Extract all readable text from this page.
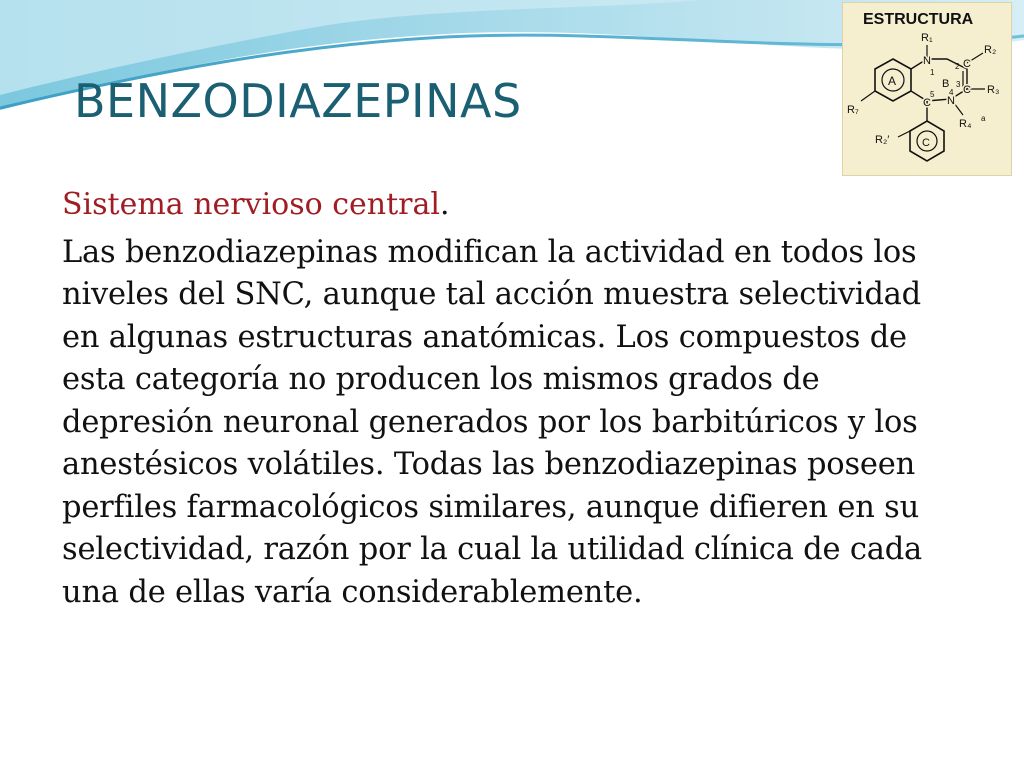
BENZODIAZEPINAS
ESTRUCTURA
A
C
N	C
C
N
C
B
1
2
3
4
5
R₁
R₂
R₃
R₄ a
R₇
R₂′

Sistema nervioso central.

Las benzodiazepinas modifican la actividad en todos los niveles del SNC, aunque tal acción muestra selectividad en algunas estructuras anatómicas. Los compuestos de esta categoría no producen los mismos grados de depresión neuronal generados por los barbitúricos y los anestésicos volátiles. Todas las benzodiazepinas poseen perfiles farmacológicos similares, aunque difieren en su selectividad, razón por la cual la utilidad clínica de cada una de ellas varía considerablemente.
